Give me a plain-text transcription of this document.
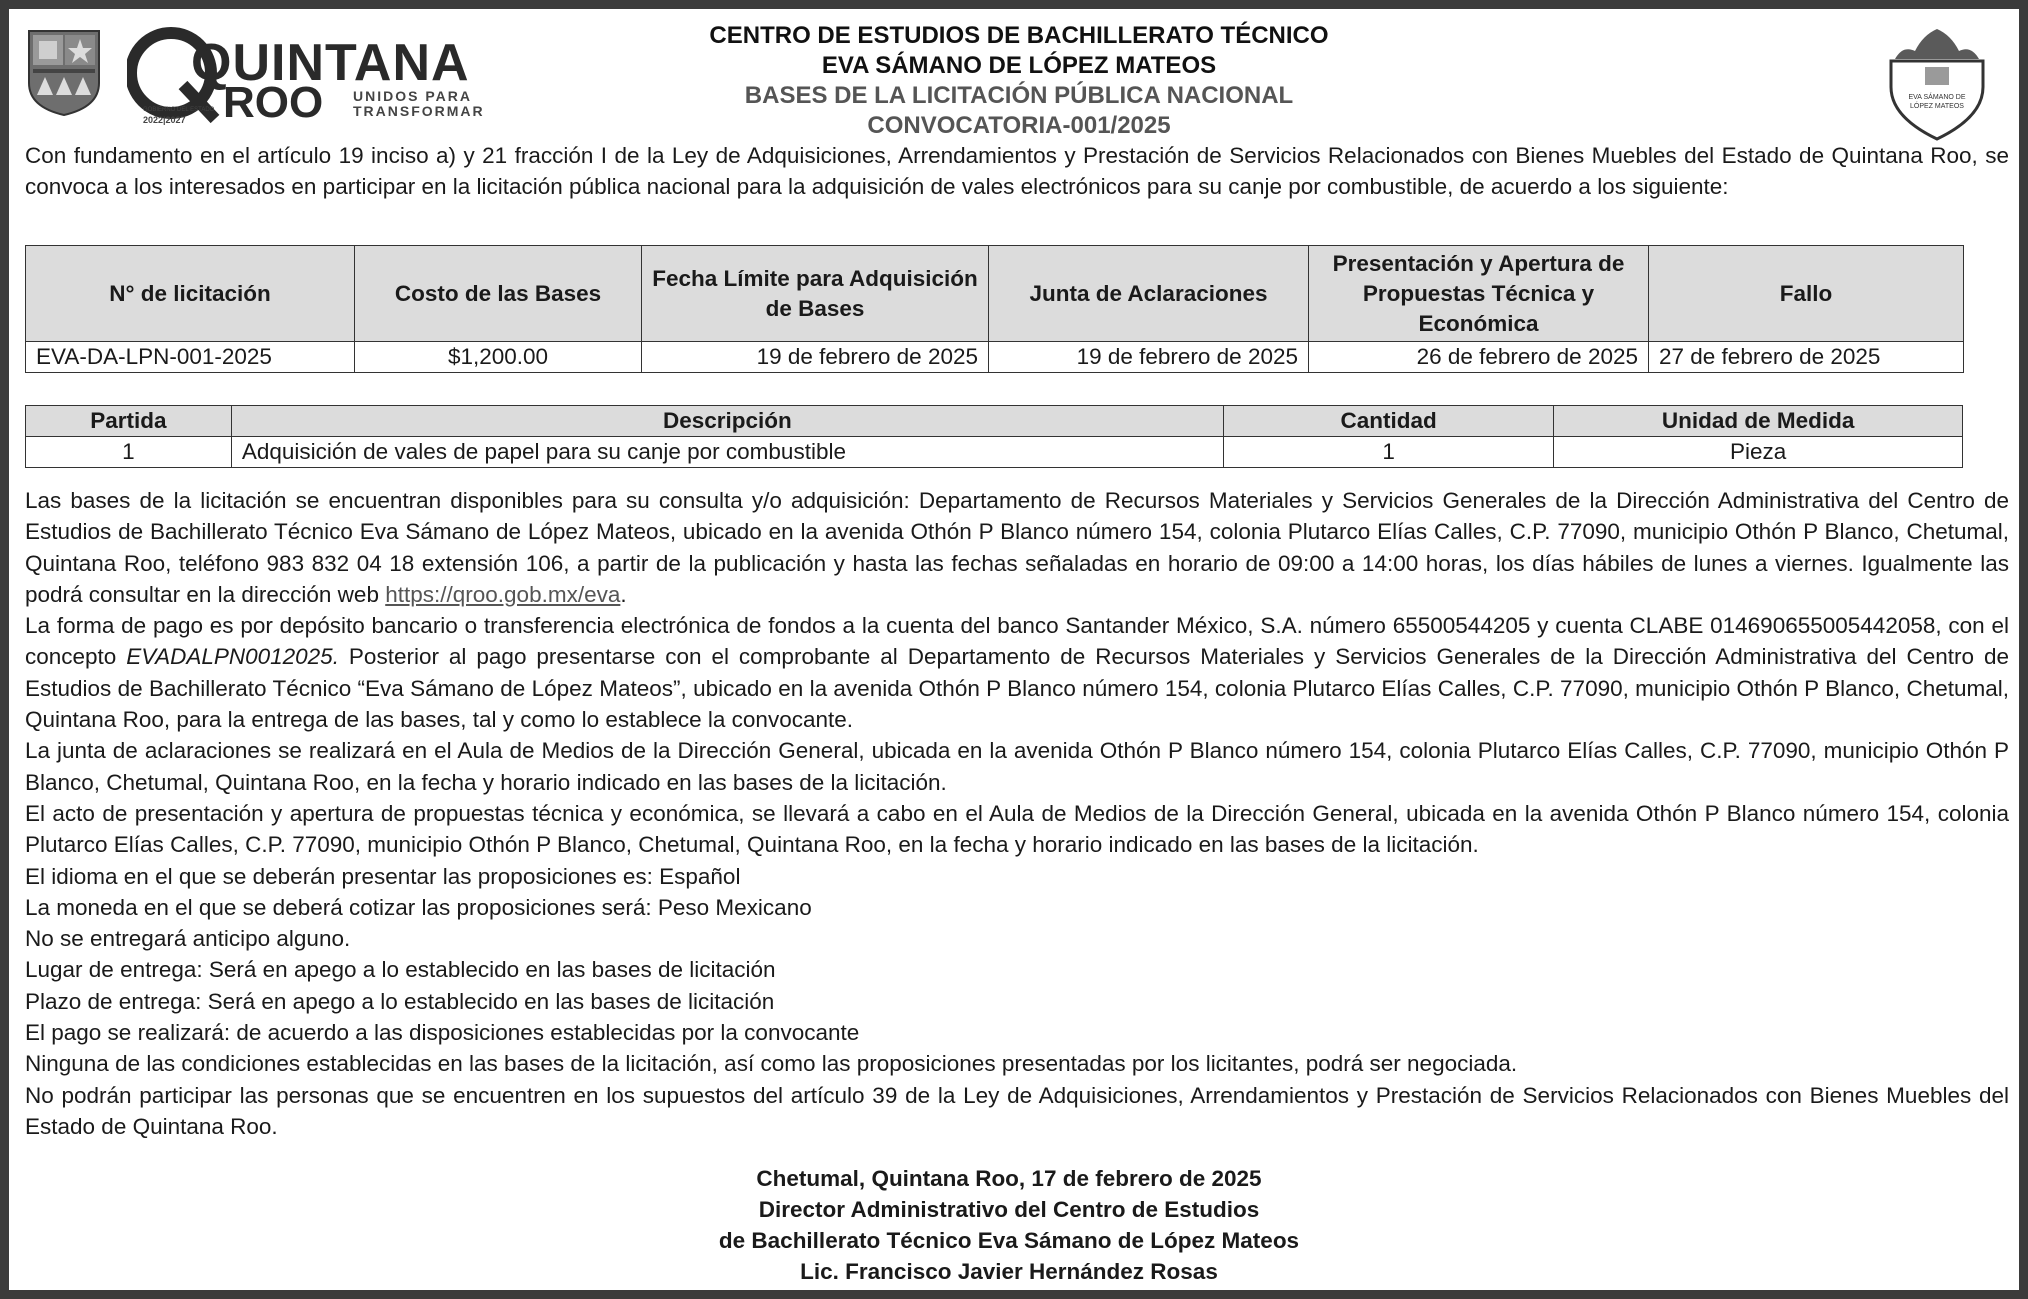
QUINTANA
ROO UNIDOS PARA
TRANSFORMAR
GOBIERNO DEL ESTADO
2022|2027
CENTRO DE ESTUDIOS DE BACHILLERATO TÉCNICO
EVA SÁMANO DE LÓPEZ MATEOS
BASES DE LA LICITACIÓN PÚBLICA NACIONAL
CONVOCATORIA-001/2025
EVA SÁMANO DE LÓPEZ MATEOS

Con fundamento en el artículo 19 inciso a) y 21 fracción I de la Ley de Adquisiciones, Arrendamientos y Prestación de Servicios Relacionados con Bienes Muebles del Estado de Quintana Roo, se convoca a los interesados en participar en la licitación pública nacional para la adquisición de vales electrónicos para su canje por combustible, de acuerdo a los siguiente:

N° de licitación	Costo de las Bases	Fecha Límite para Adquisición de Bases	Junta de Aclaraciones	Presentación y Apertura de Propuestas Técnica y Económica	Fallo
EVA-DA-LPN-001-2025	$1,200.00	19 de febrero de 2025	19 de febrero de 2025	26 de febrero de 2025	27 de febrero de 2025
Partida	Descripción	Cantidad	Unidad de Medida
1	Adquisición de vales de papel para su canje por combustible	1	Pieza

Las bases de la licitación se encuentran disponibles para su consulta y/o adquisición: Departamento de Recursos Materiales y Servicios Generales de la Dirección Administrativa del Centro de Estudios de Bachillerato Técnico Eva Sámano de López Mateos, ubicado en la avenida Othón P Blanco número 154, colonia Plutarco Elías Calles, C.P. 77090, municipio Othón P Blanco, Chetumal, Quintana Roo, teléfono 983 832 04 18 extensión 106, a partir de la publicación y hasta las fechas señaladas en horario de 09:00 a 14:00 horas, los días hábiles de lunes a viernes. Igualmente las podrá consultar en la dirección web https://qroo.gob.mx/eva.

La forma de pago es por depósito bancario o transferencia electrónica de fondos a la cuenta del banco Santander México, S.A. número 65500544205 y cuenta CLABE 014690655005442058, con el concepto EVADALPN0012025. Posterior al pago presentarse con el comprobante al Departamento de Recursos Materiales y Servicios Generales de la Dirección Administrativa del Centro de Estudios de Bachillerato Técnico “Eva Sámano de López Mateos”, ubicado en la avenida Othón P Blanco número 154, colonia Plutarco Elías Calles, C.P. 77090, municipio Othón P Blanco, Chetumal, Quintana Roo, para la entrega de las bases, tal y como lo establece la convocante.

La junta de aclaraciones se realizará en el Aula de Medios de la Dirección General, ubicada en la avenida Othón P Blanco número 154, colonia Plutarco Elías Calles, C.P. 77090, municipio Othón P Blanco, Chetumal, Quintana Roo, en la fecha y horario indicado en las bases de la licitación.

El acto de presentación y apertura de propuestas técnica y económica, se llevará a cabo en el Aula de Medios de la Dirección General, ubicada en la avenida Othón P Blanco número 154, colonia Plutarco Elías Calles, C.P. 77090, municipio Othón P Blanco, Chetumal, Quintana Roo, en la fecha y horario indicado en las bases de la licitación.

El idioma en el que se deberán presentar las proposiciones es: Español

La moneda en el que se deberá cotizar las proposiciones será: Peso Mexicano

No se entregará anticipo alguno.

Lugar de entrega: Será en apego a lo establecido en las bases de licitación

Plazo de entrega: Será en apego a lo establecido en las bases de licitación

El pago se realizará: de acuerdo a las disposiciones establecidas por la convocante

Ninguna de las condiciones establecidas en las bases de la licitación, así como las proposiciones presentadas por los licitantes, podrá ser negociada.

No podrán participar las personas que se encuentren en los supuestos del artículo 39 de la Ley de Adquisiciones, Arrendamientos y Prestación de Servicios Relacionados con Bienes Muebles del Estado de Quintana Roo.

Chetumal, Quintana Roo, 17 de febrero de 2025
Director Administrativo del Centro de Estudios
de Bachillerato Técnico Eva Sámano de López Mateos
Lic. Francisco Javier Hernández Rosas
